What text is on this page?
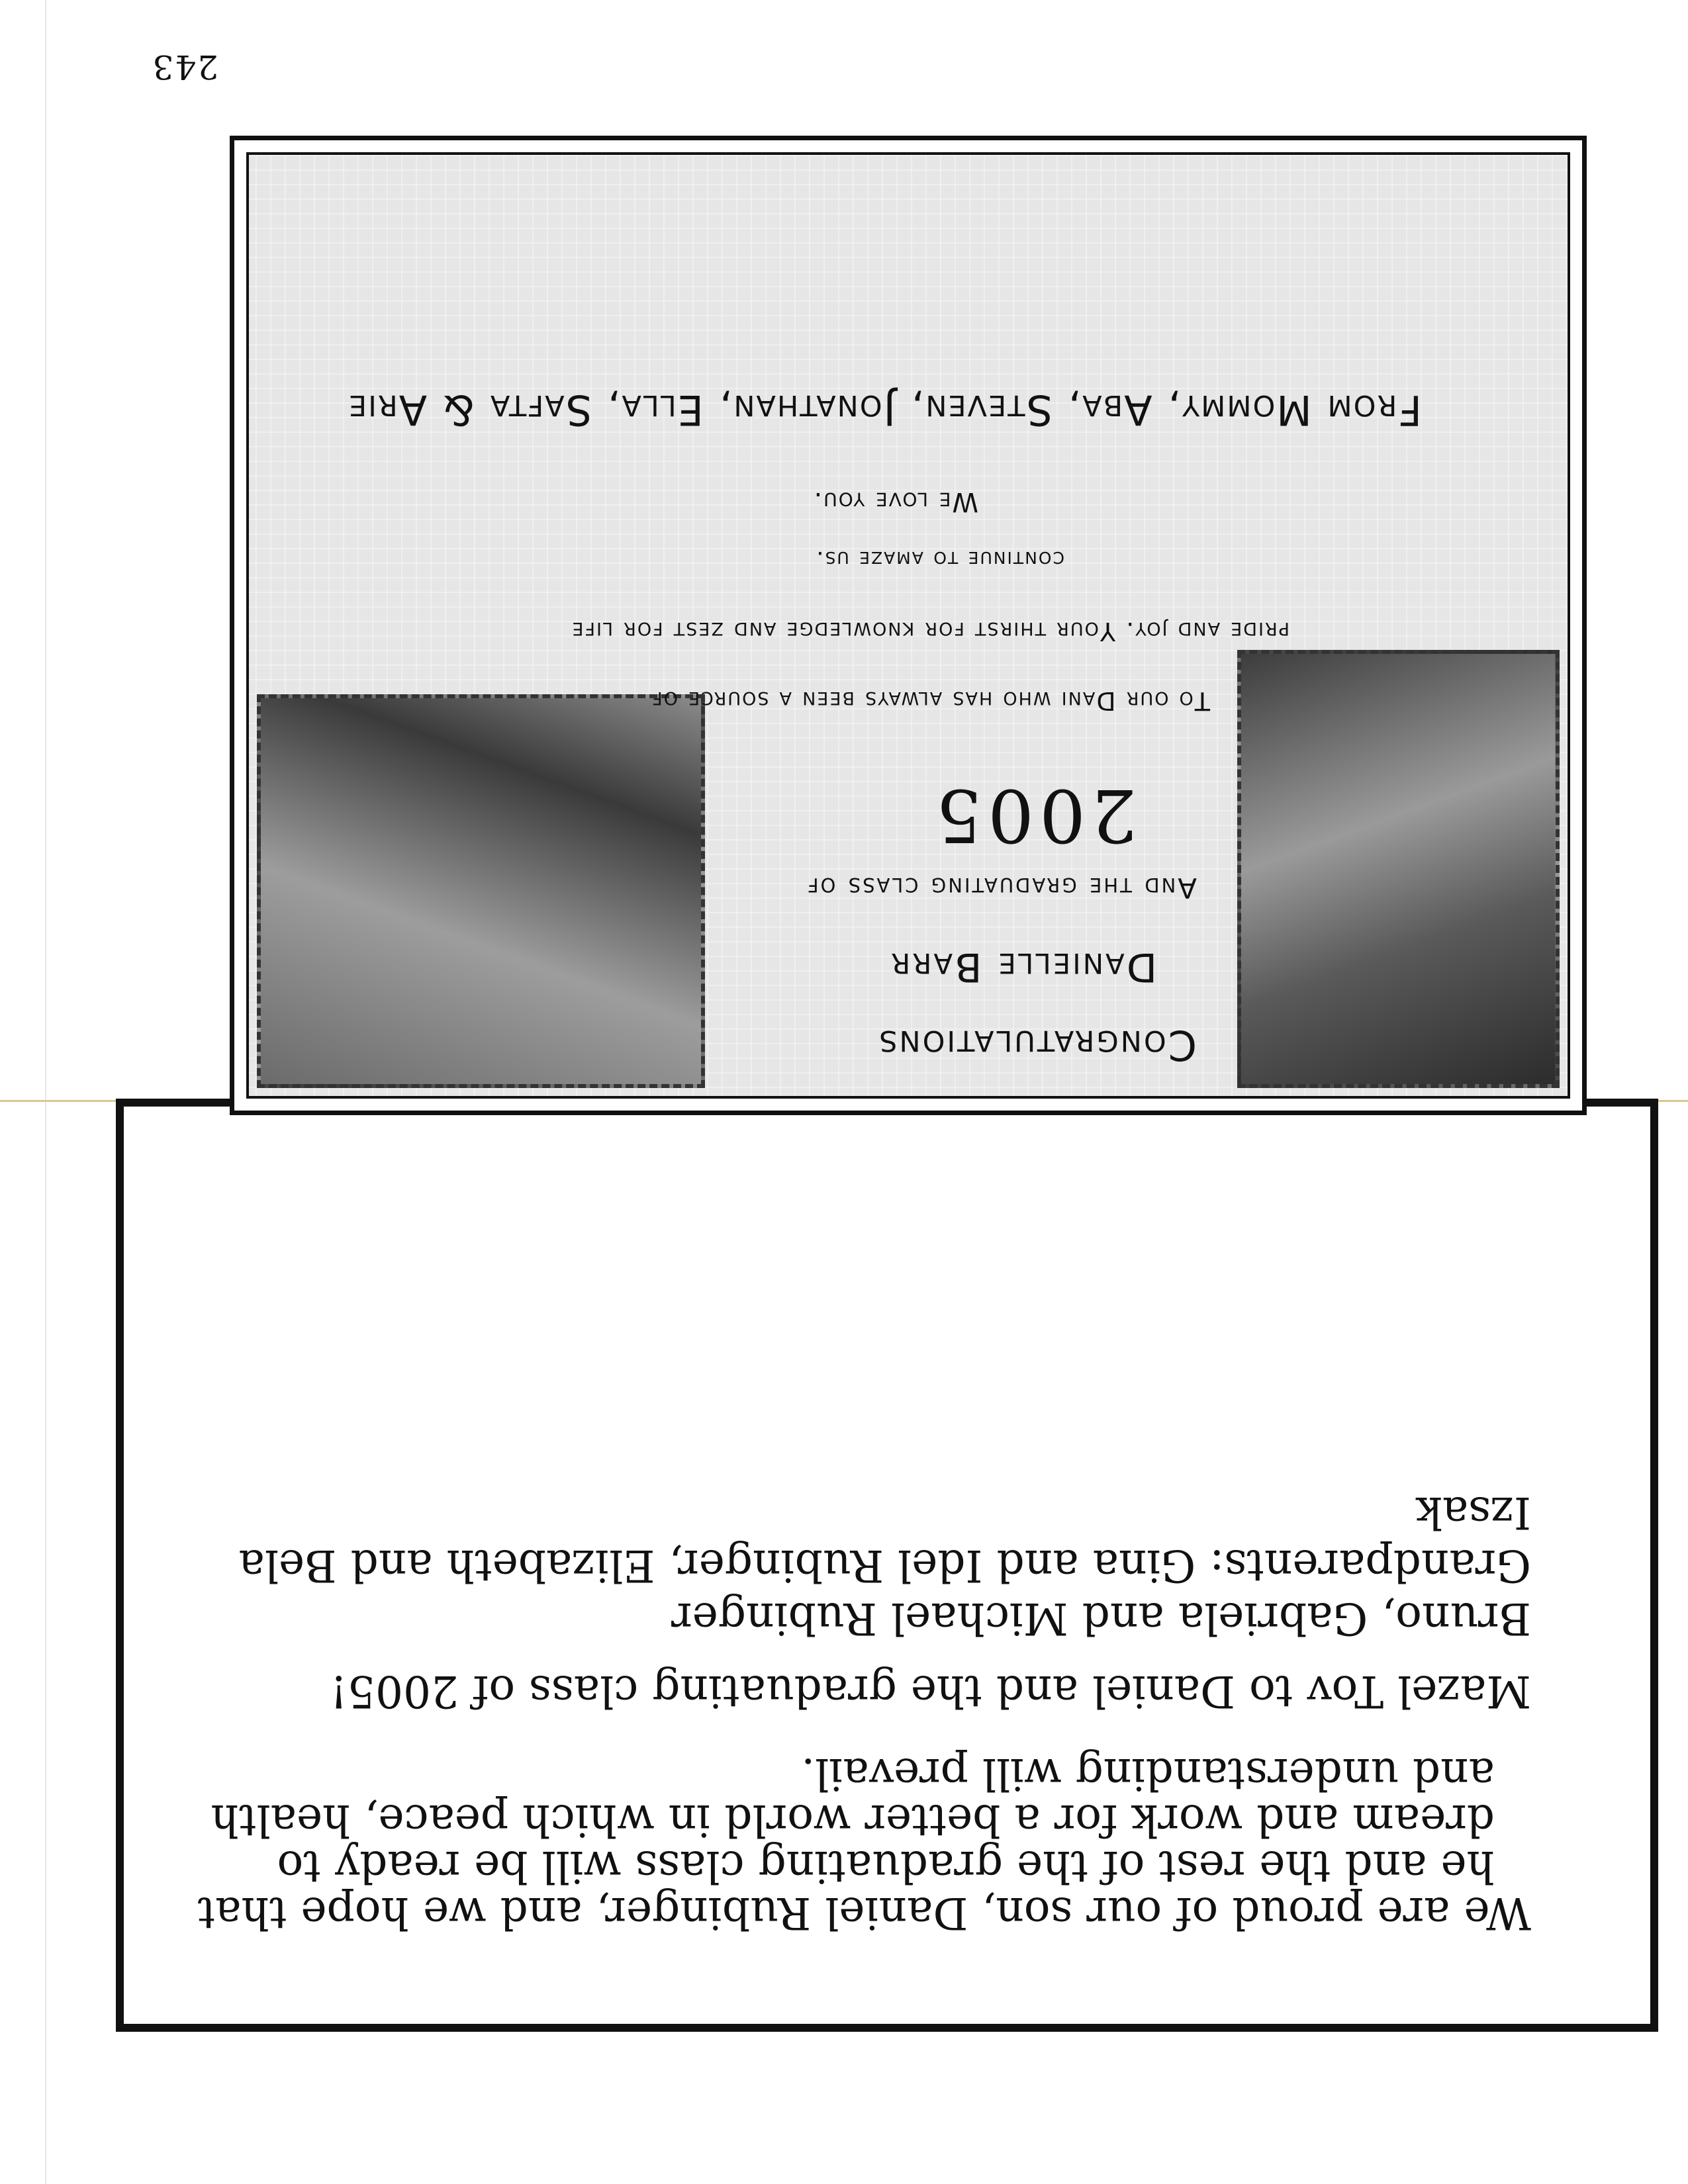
243
We are proud of our son, Daniel Rubinger, and we hope that
he and the rest of the graduating class will be ready to
dream and work for a better world in which peace, health
and understanding will prevail.
Mazel Tov to Daniel and the graduating class of 2005!
Bruno, Gabriela and Michael Rubinger
Grandparents: Gina and Idel Rubinger, Elizabeth and Bela
Izsak
Congratulations
Danielle Barr
And the graduating class of
2005
To our Dani who has always been a source of
pride and joy. Your thirst for knowledge and zest for life
continue to amaze us.
We love you.
From Mommy, Aba, Steven, Jonathan, Ella, Safta & Arie
